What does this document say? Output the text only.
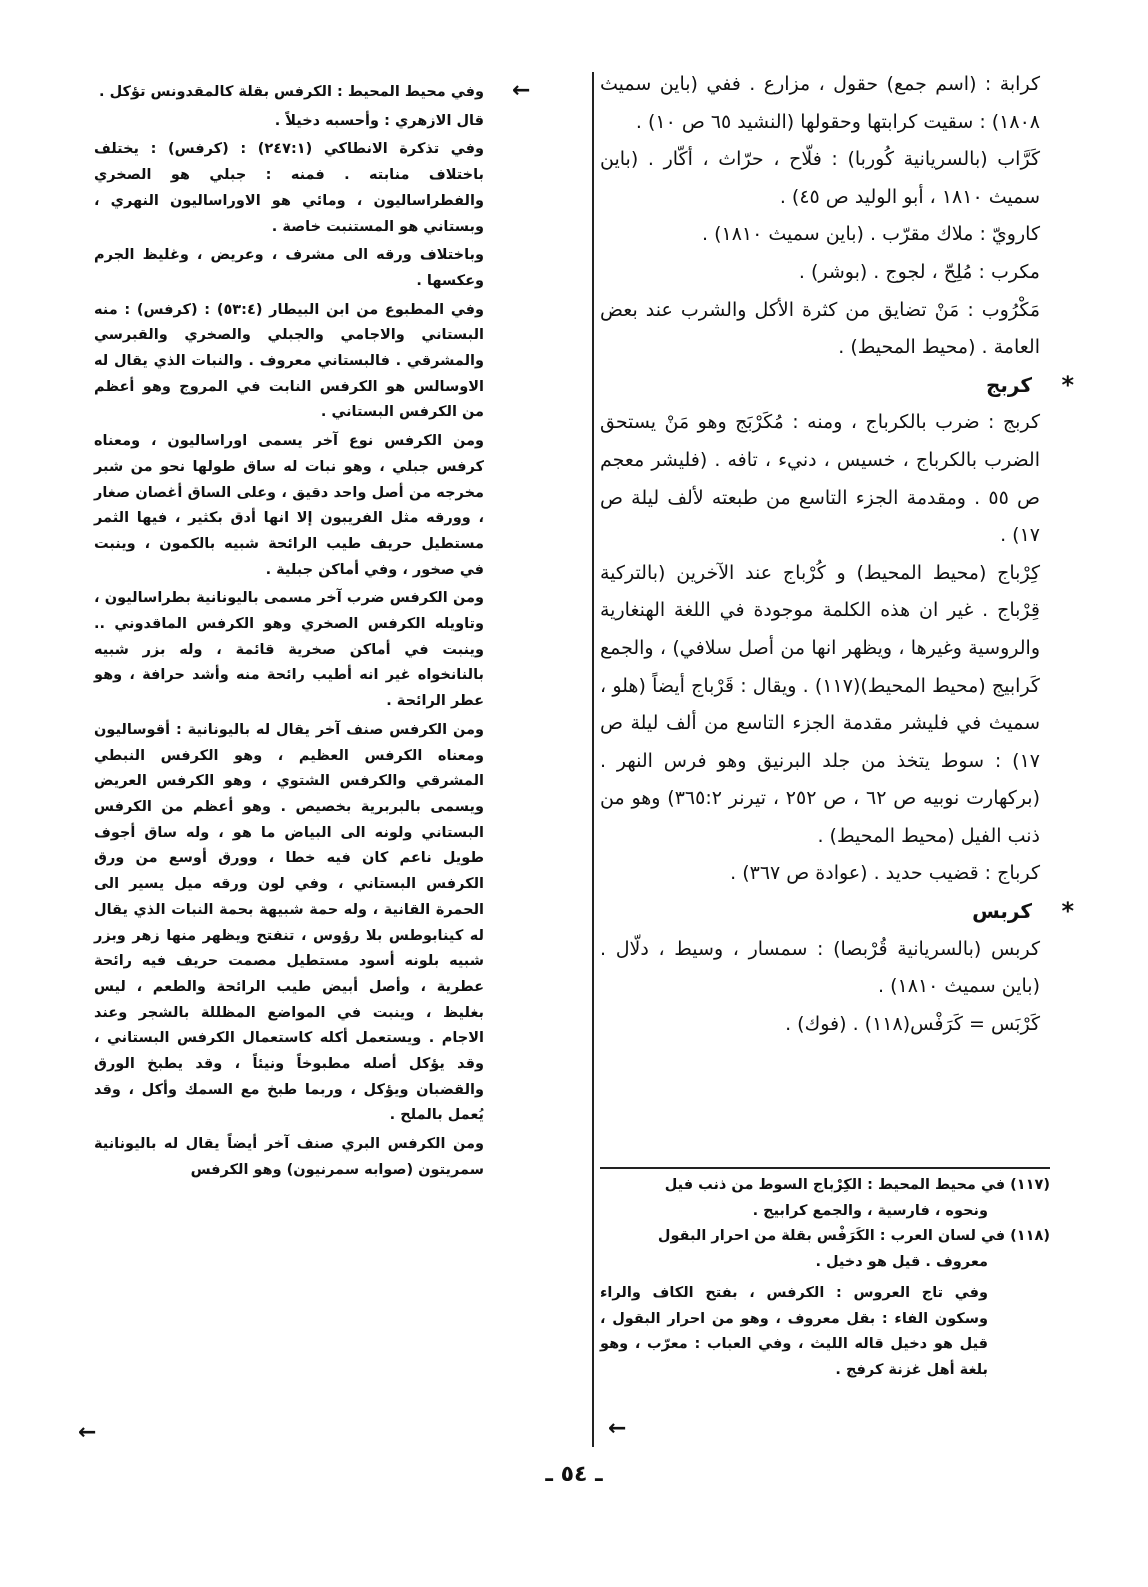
كرابة : (اسم جمع) حقول ، مزارع . ففي (باين سميث ١٨٠٨) : سقيت كرابتها وحقولها (النشيد ٦٥ ص ١٠) .

كَرَّاب (بالسريانية كُوربا) : فلّاح ، حرّاث ، أكّار . (باين سميث ١٨١٠ ، أبو الوليد ص ٤٥) .

كارويّ : ملاك مقرّب . (باين سميث ١٨١٠) .

مكرب : مُلِحّ ، لجوج . (بوشر) .

مَكْرُوب : مَنْ تضايق من كثرة الأكل والشرب عند بعض العامة . (محيط المحيط) .

*
كربج

كربج : ضرب بالكرباج ، ومنه : مُكَرْبَج وهو مَنْ يستحق الضرب بالكرباج ، خسيس ، دنيء ، تافه . (فليشر معجم ص ٥٥ . ومقدمة الجزء التاسع من طبعته لألف ليلة ص ١٧) .

كِرْباج (محيط المحيط) و كُرْباج عند الآخرين (بالتركية قِرْباج . غير ان هذه الكلمة موجودة في اللغة الهنغارية والروسية وغيرها ، ويظهر انها من أصل سلافي) ، والجمع كَرابيج (محيط المحيط)(١١٧) . ويقال : قَرْباج أيضاً (هلو ، سميث في فليشر مقدمة الجزء التاسع من ألف ليلة ص ١٧) : سوط يتخذ من جلد البرنيق وهو فرس النهر . (بركهارت نوبيه ص ٦٢ ، ص ٢٥٢ ، تيرنر ٣٦٥:٢) وهو من ذنب الفيل (محيط المحيط) .

كرباج : قضيب حديد . (عوادة ص ٣٦٧) .

*
كربس

كربس (بالسريانية قُرْبصا) : سمسار ، وسيط ، دلّال . (باين سميث ١٨١٠) .

كَرْبَس = كَرَفْس(١١٨) . (فوك) .

(١١٧) في محيط المحيط : الكِرْباج السوط من ذنب فيل

ونحوه ، فارسية ، والجمع كرابيج .

(١١٨) في لسان العرب : الكَرَفْس بقلة من احرار البقول

معروف . قيل هو دخيل .

وفي تاج العروس : الكرفس ، بفتح الكاف والراء وسكون الفاء : بقل معروف ، وهو من احرار البقول ، قيل هو دخيل قاله الليث ، وفي العباب : معرّب ، وهو بلغة أهل غزنة كرفج .

←

وفي محيط المحيط : الكرفس بقلة كالمقدونس تؤكل .

قال الازهري : وأحسبه دخيلاً .

وفي تذكرة الانطاكي (٢٤٧:١) : (كرفس) : يختلف باختلاف منابته . فمنه : جبلي هو الصخري والفطراساليون ، ومائي هو الاوراساليون النهري ، وبستاني هو المستنبت خاصة .

وباختلاف ورقه الى مشرف ، وعريض ، وغليظ الجرم وعكسها .

وفي المطبوع من ابن البيطار (٥٣:٤) : (كرفس) : منه البستاني والاجامي والجبلي والصخري والقبرسي والمشرقي . فالبستاني معروف . والنبات الذي يقال له الاوسالس هو الكرفس النابت في المروج وهو أعظم من الكرفس البستاني .

ومن الكرفس نوع آخر يسمى اوراساليون ، ومعناه كرفس جبلي ، وهو نبات له ساق طولها نحو من شبر مخرجه من أصل واحد دقيق ، وعلى الساق أغصان صغار ، وورقه مثل الفريبون إلا انها أدق بكثير ، فيها الثمر مستطيل حريف طيب الرائحة شبيه بالكمون ، وينبت في صخور ، وفي أماكن جبلية .

ومن الكرفس ضرب آخر مسمى باليونانية بطراساليون ، وتاويله الكرفس الصخري وهو الكرفس الماقدوني .. وينبت في أماكن صخرية قائمة ، وله بزر شبيه بالنانخواه غير انه أطيب رائحة منه وأشد حرافة ، وهو عطر الرائحة .

ومن الكرفس صنف آخر يقال له باليونانية : أقوساليون ومعناه الكرفس العظيم ، وهو الكرفس النبطي المشرقي والكرفس الشتوي ، وهو الكرفس العريض ويسمى بالبربرية بخصيص . وهو أعظم من الكرفس البستاني ولونه الى البياض ما هو ، وله ساق أجوف طويل ناعم كان فيه خطا ، وورق أوسع من ورق الكرفس البستاني ، وفي لون ورقه ميل يسير الى الحمرة القانية ، وله حمة شبيهة بحمة النبات الذي يقال له كينابوطس بلا رؤوس ، تنفتح ويظهر منها زهر وبزر شبيه بلونه أسود مستطيل مصمت حريف فيه رائحة عطرية ، وأصل أبيض طيب الرائحة والطعم ، ليس بغليظ ، وينبت في المواضع المظللة بالشجر وعند الاجام . ويستعمل أكله كاستعمال الكرفس البستاني ، وقد يؤكل أصله مطبوخاً ونيئاً ، وقد يطبخ الورق والقضبان ويؤكل ، وربما طبخ مع السمك وأكل ، وقد يُعمل بالملح .

ومن الكرفس البري صنف آخر أيضاً يقال له باليونانية سمريتون (صوابه سمرنيون) وهو الكرفس

←
←
ـ ٥٤ ـ
